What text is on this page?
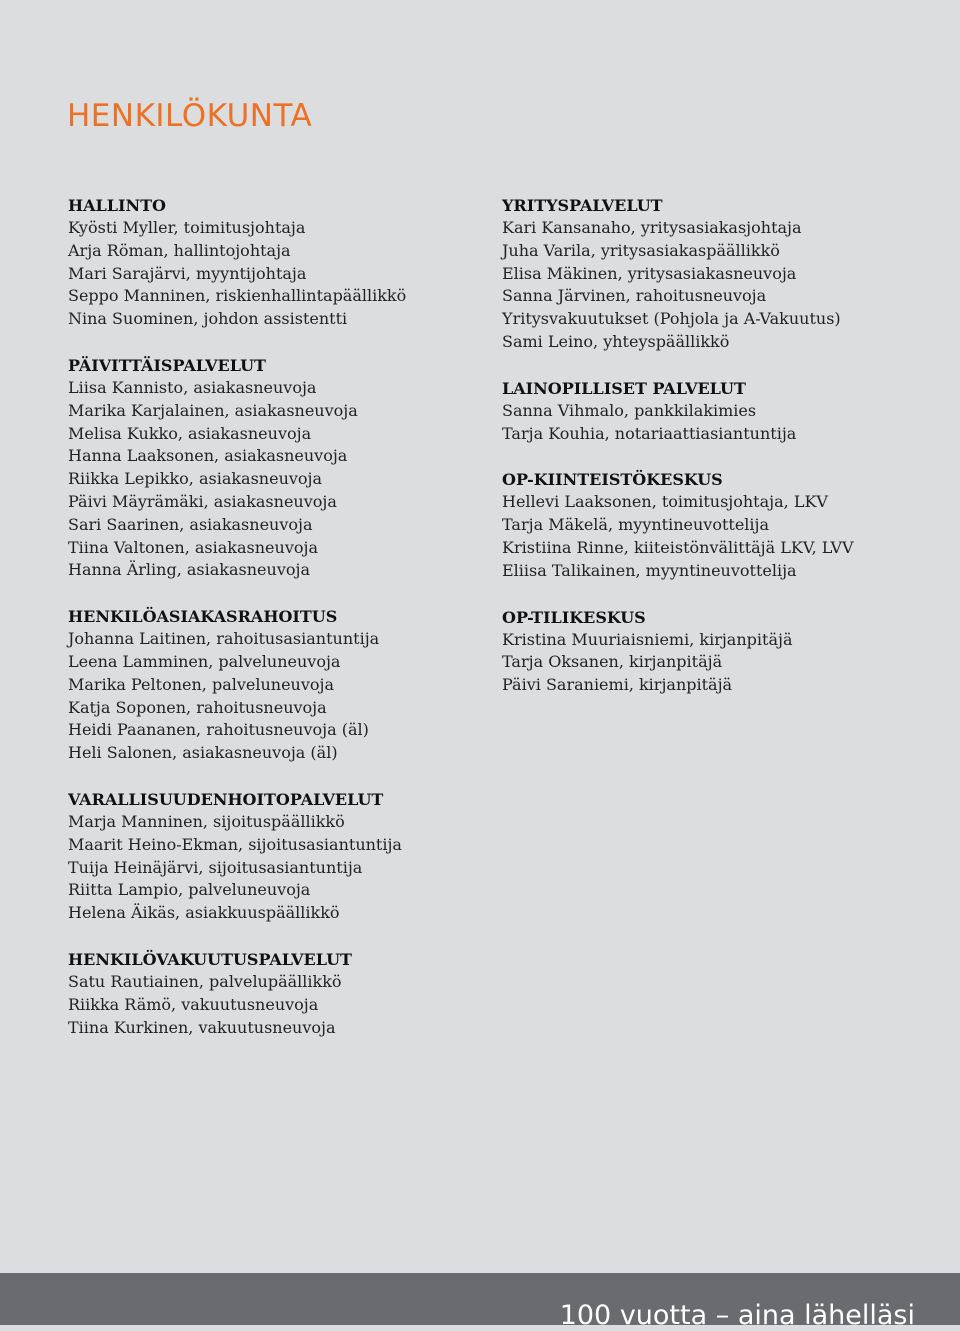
HENKILÖKUNTA
HALLINTO
Kyösti Myller, toimitusjohtaja
Arja Röman, hallintojohtaja
Mari Sarajärvi, myyntijohtaja
Seppo Manninen, riskienhallintapäällikkö
Nina Suominen, johdon assistentti
PÄIVITTÄISPALVELUT
Liisa Kannisto, asiakasneuvoja
Marika Karjalainen, asiakasneuvoja
Melisa Kukko, asiakasneuvoja
Hanna Laaksonen, asiakasneuvoja
Riikka Lepikko, asiakasneuvoja
Päivi Mäyrämäki, asiakasneuvoja
Sari Saarinen, asiakasneuvoja
Tiina Valtonen, asiakasneuvoja
Hanna Ärling, asiakasneuvoja
HENKILÖASIAKASRAHOITUS
Johanna Laitinen, rahoitusasiantuntija
Leena Lamminen, palveluneuvoja
Marika Peltonen, palveluneuvoja
Katja Soponen, rahoitusneuvoja
Heidi Paananen, rahoitusneuvoja (äl)
Heli Salonen, asiakasneuvoja (äl)
VARALLISUUDENHOITOPALVELUT
Marja Manninen, sijoituspäällikkö
Maarit Heino-Ekman, sijoitusasiantuntija
Tuija Heinäjärvi, sijoitusasiantuntija
Riitta Lampio, palveluneuvoja
Helena Äikäs, asiakkuuspäällikkö
HENKILÖVAKUUTUSPALVELUT
Satu Rautiainen, palvelupäällikkö
Riikka Rämö, vakuutusneuvoja
Tiina Kurkinen, vakuutusneuvoja
YRITYSPALVELUT
Kari Kansanaho, yritysasiakasjohtaja
Juha Varila, yritysasiakaspäällikkö
Elisa Mäkinen, yritysasiakasneuvoja
Sanna Järvinen, rahoitusneuvoja
Yritysvakuutukset (Pohjola ja A-Vakuutus)
Sami Leino, yhteyspäällikkö
LAINOPILLISET PALVELUT
Sanna Vihmalo, pankkilakimies
Tarja Kouhia, notariaattiasiantuntija
OP-KIINTEISTÖKESKUS
Hellevi Laaksonen, toimitusjohtaja, LKV
Tarja Mäkelä, myyntineuvottelija
Kristiina Rinne, kiiteistönvälittäjä LKV, LVV
Eliisa Talikainen, myyntineuvottelija
OP-TILIKESKUS
Kristina Muuriaisniemi, kirjanpitäjä
Tarja Oksanen, kirjanpitäjä
Päivi Saraniemi, kirjanpitäjä

100 vuotta – aina lähelläsi
